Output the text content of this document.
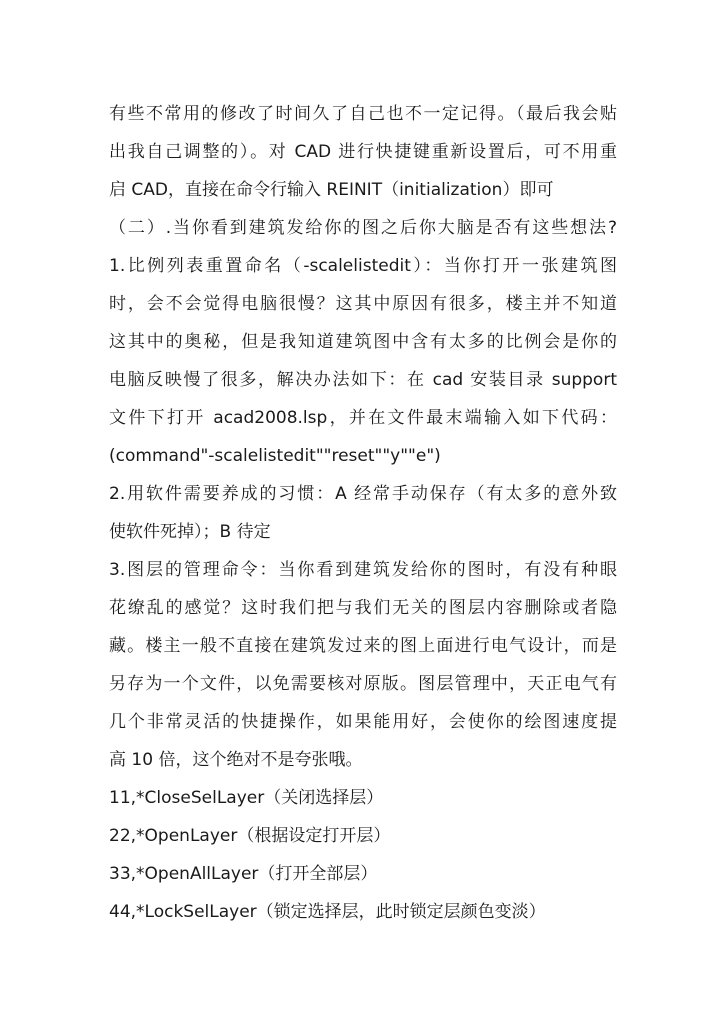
有些不常用的修改了时间久了自己也不一定记得。（最后我会贴
出我自己调整的）。对 CAD 进行快捷键重新设置后，可不用重
启 CAD，直接在命令行输入 REINIT（initialization）即可
（二）.当你看到建筑发给你的图之后你大脑是否有这些想法?
1.比例列表重置命名（-scalelistedit）：当你打开一张建筑图
时，会不会觉得电脑很慢？这其中原因有很多，楼主并不知道
这其中的奥秘，但是我知道建筑图中含有太多的比例会是你的
电脑反映慢了很多，解决办法如下：在 cad 安装目录 support
文件下打开 acad2008.lsp，并在文件最末端输入如下代码：
(command"-scalelistedit""reset""y""e")
2.用软件需要养成的习惯：A 经常手动保存（有太多的意外致
使软件死掉）；B 待定
3.图层的管理命令：当你看到建筑发给你的图时，有没有种眼
花缭乱的感觉？这时我们把与我们无关的图层内容删除或者隐
藏。楼主一般不直接在建筑发过来的图上面进行电气设计，而是
另存为一个文件，以免需要核对原版。图层管理中，天正电气有
几个非常灵活的快捷操作，如果能用好，会使你的绘图速度提
高 10 倍，这个绝对不是夸张哦。
11,*CloseSelLayer（关闭选择层）
22,*OpenLayer（根据设定打开层）
33,*OpenAllLayer（打开全部层）
44,*LockSelLayer（锁定选择层，此时锁定层颜色变淡）
